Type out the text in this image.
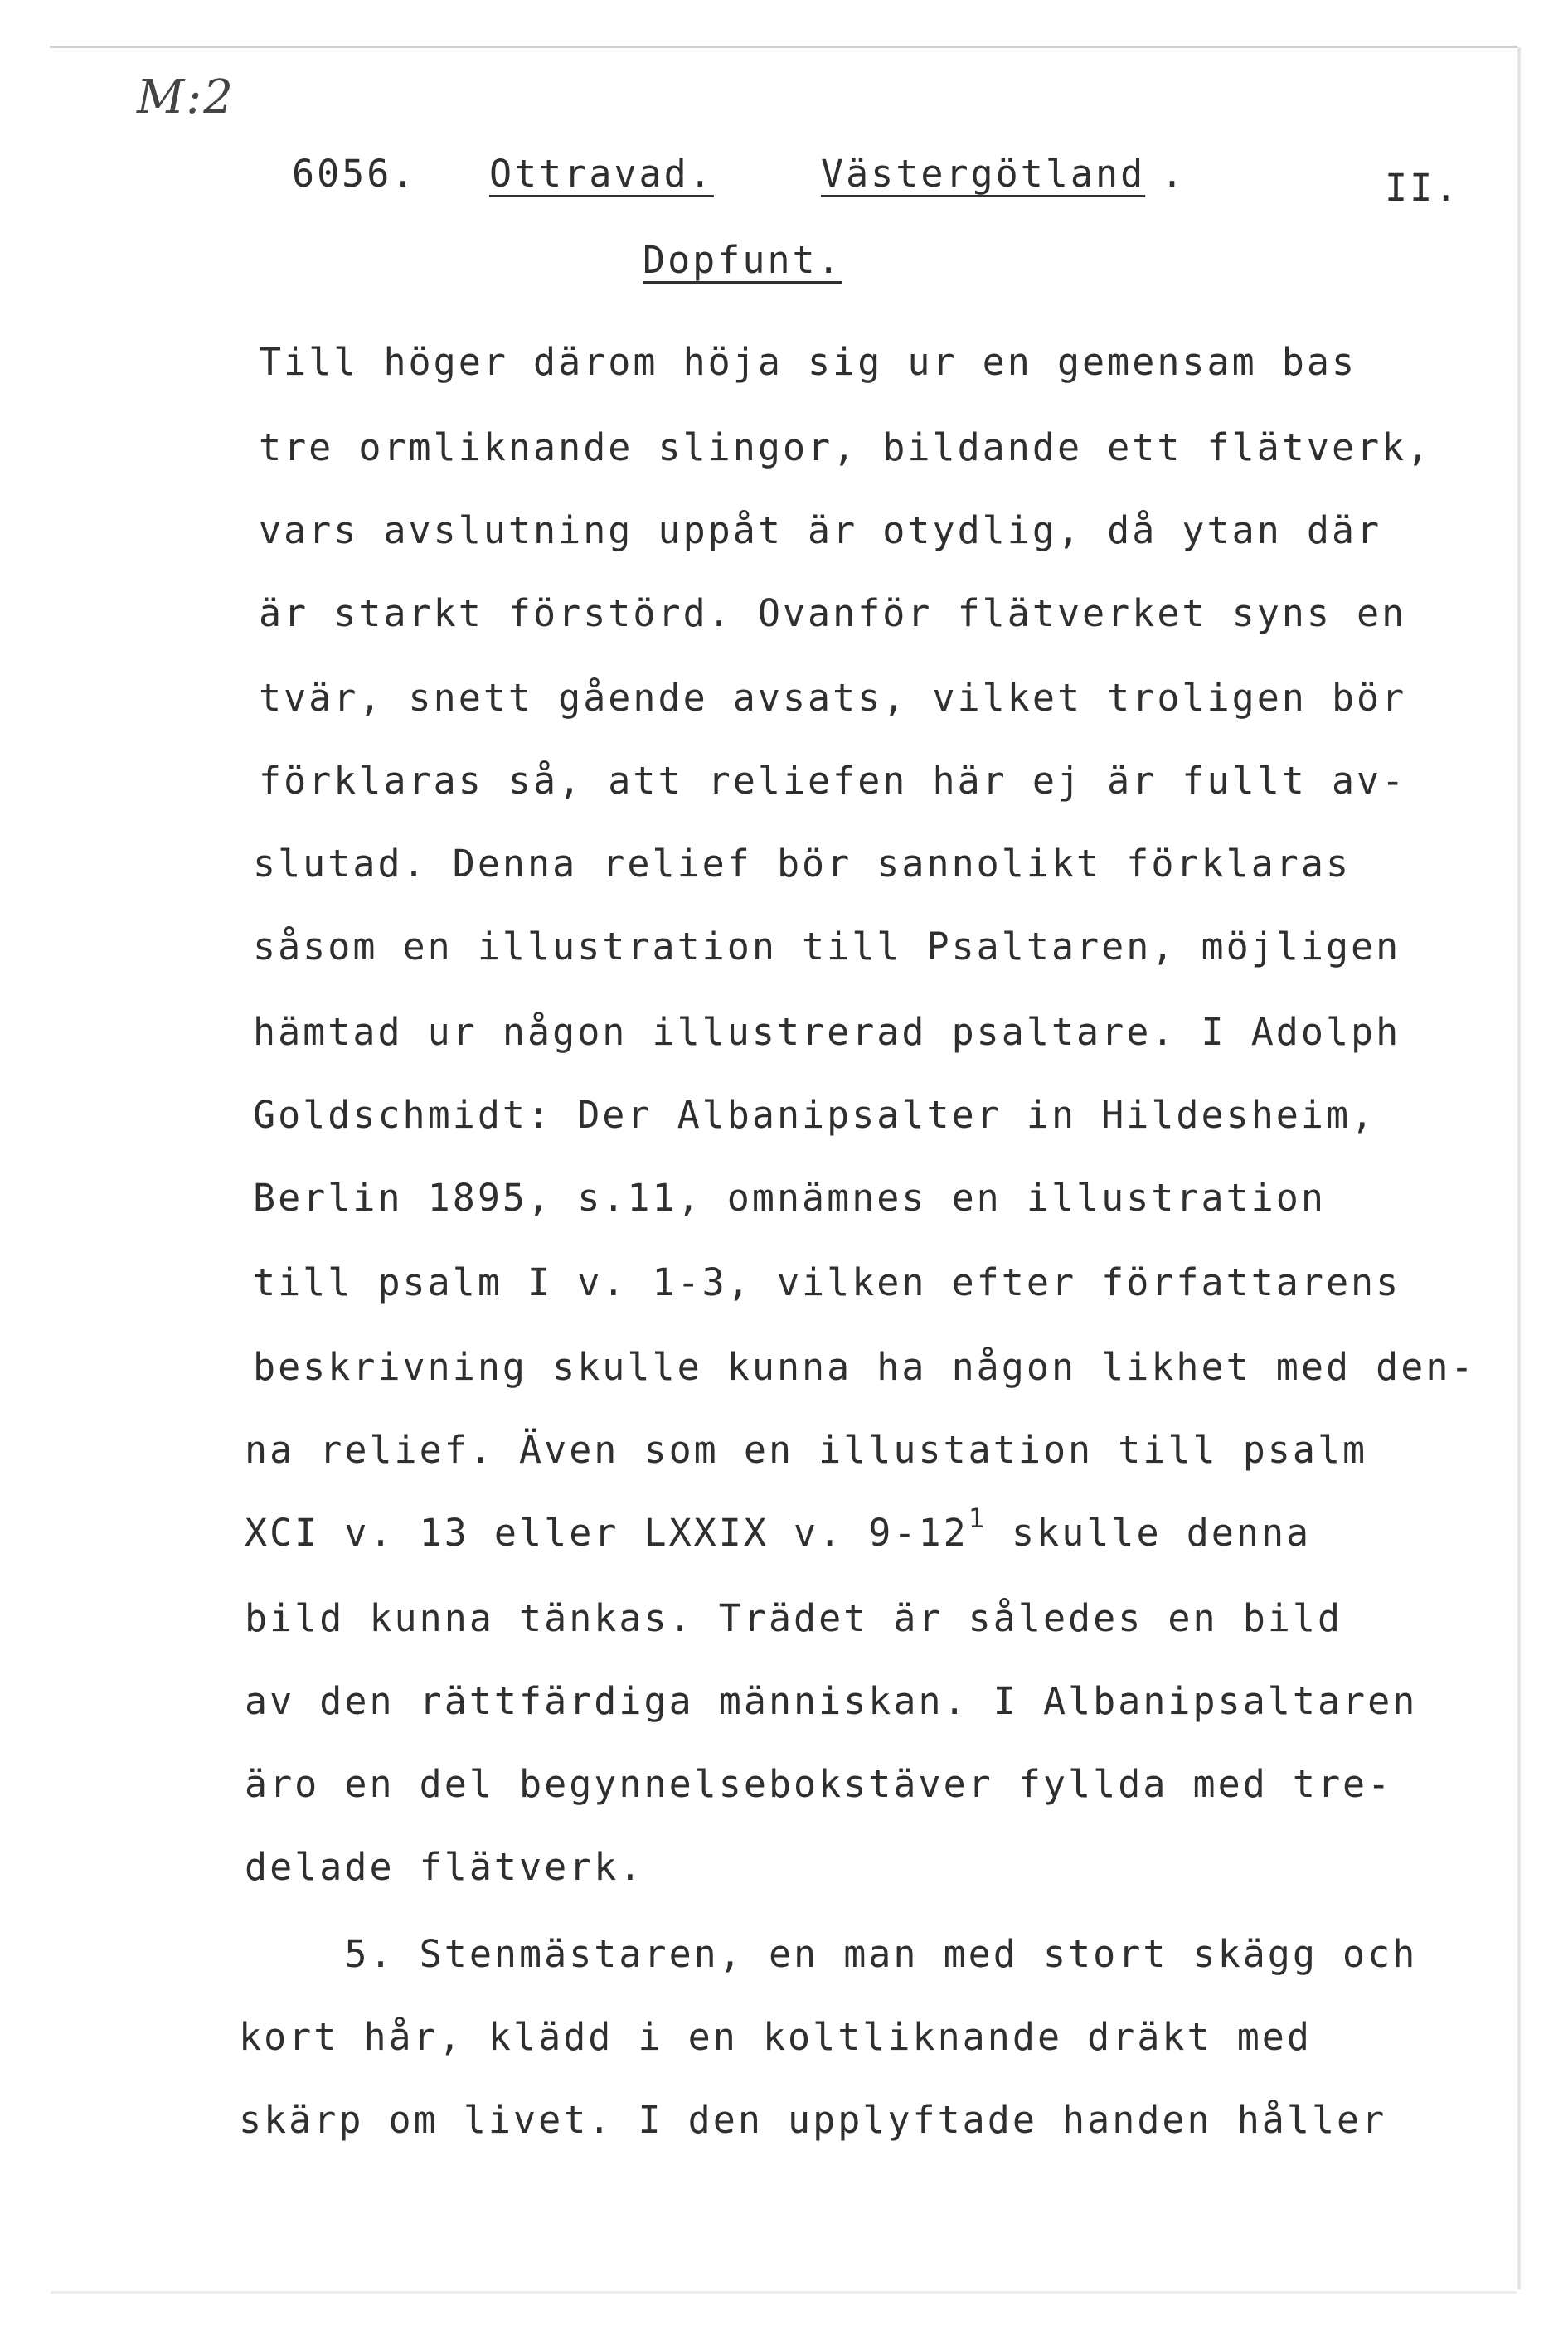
M:2
6056. Ottravad.	Västergötland .	II.
Dopfunt.
Till höger därom höja sig ur en gemensam bas
tre ormliknande slingor, bildande ett flätverk,
vars avslutning uppåt är otydlig, då ytan där
är starkt förstörd. Ovanför flätverket syns en
tvär, snett gående avsats, vilket troligen bör
förklaras så, att reliefen här ej är fullt av-
slutad. Denna relief bör sannolikt förklaras
såsom en illustration till Psaltaren, möjligen
hämtad ur någon illustrerad psaltare. I Adolph
Goldschmidt: Der Albanipsalter in Hildesheim,
Berlin 1895, s.11, omnämnes en illustration
till psalm I v. 1-3, vilken efter författarens
beskrivning skulle kunna ha någon likhet med den-
na relief. Även som en illustation till psalm
XCI v. 13 eller LXXIX v. $9-12^1$ skulle denna
bild kunna tänkas. Trädet är således en bild
av den rättfärdiga människan. I Albanipsaltaren
äro en del begynnelsebokstäver fyllda med tre-
delade flätverk.
5. Stenmästaren, en man med stort skägg och
kort hår, klädd i en koltliknande dräkt med
skärp om livet. I den upplyftade handen håller
